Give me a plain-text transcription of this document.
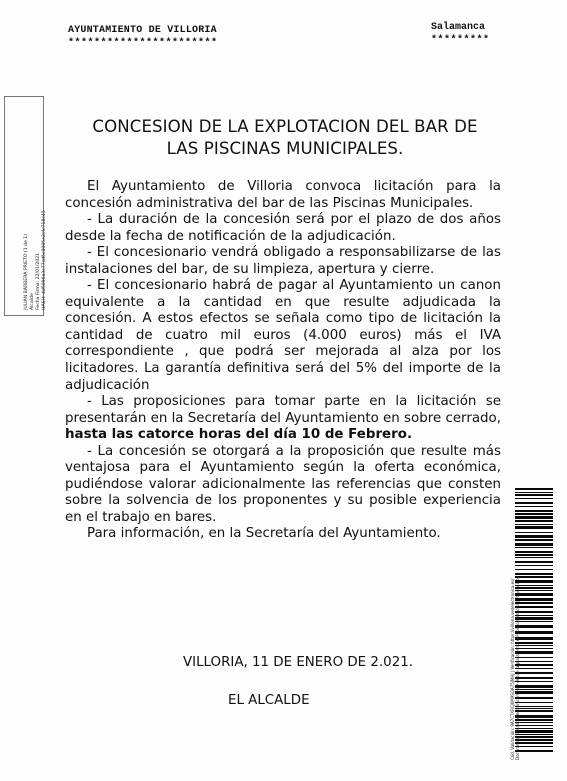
AYUNTAMIENTO DE VILLORIA
***********************
Salamanca
*********
JULIAN BARBERA PRIETO (1 de 1) Alcalde Fecha Firma: 22/01/2021 HASH: 4d5096a3c77cd5c0005e2cfc718c45
CONCESION DE LA EXPLOTACION DEL BAR DE
LAS PISCINAS MUNICIPALES.

El Ayuntamiento de Villoria convoca licitación para la concesión administrativa del bar de las Piscinas Municipales.

- La duración de la concesión será por el plazo de dos años desde la fecha de notificación de la adjudicación.

- El concesionario vendrá obligado a responsabilizarse de las instalaciones del bar, de su limpieza, apertura y cierre.

- El concesionario habrá de pagar al Ayuntamiento un canon equivalente a la cantidad en que resulte adjudicada la concesión. A estos efectos se señala como tipo de licitación la cantidad de cuatro mil euros (4.000 euros) más el IVA correspondiente , que podrá ser mejorada al alza por los licitadores. La garantía definitiva será del 5% del importe de la adjudicación

- Las proposiciones para tomar parte en la licitación se presentarán en la Secretaría del Ayuntamiento en sobre cerrado, hasta las catorce horas del día 10 de Febrero.

- La concesión se otorgará a la proposición que resulte más ventajosa para el Ayuntamiento según la oferta económica, pudiéndose valorar adicionalmente las referencias que consten sobre la solvencia de los proponentes y su posible experiencia en el trabajo en bares.

Para información, en la Secretaría del Ayuntamiento.

VILLORIA, 11 DE ENERO DE 2.021.
EL ALCALDE	Cód. Validación: 9A7CTXRCJ6M9SQA75JMHJ | Verificación: https://villoria.sedelectronica.es/ Documento firmado electrónicamente desde la plataforma esPublico Gestiona | Página 1 de 1
